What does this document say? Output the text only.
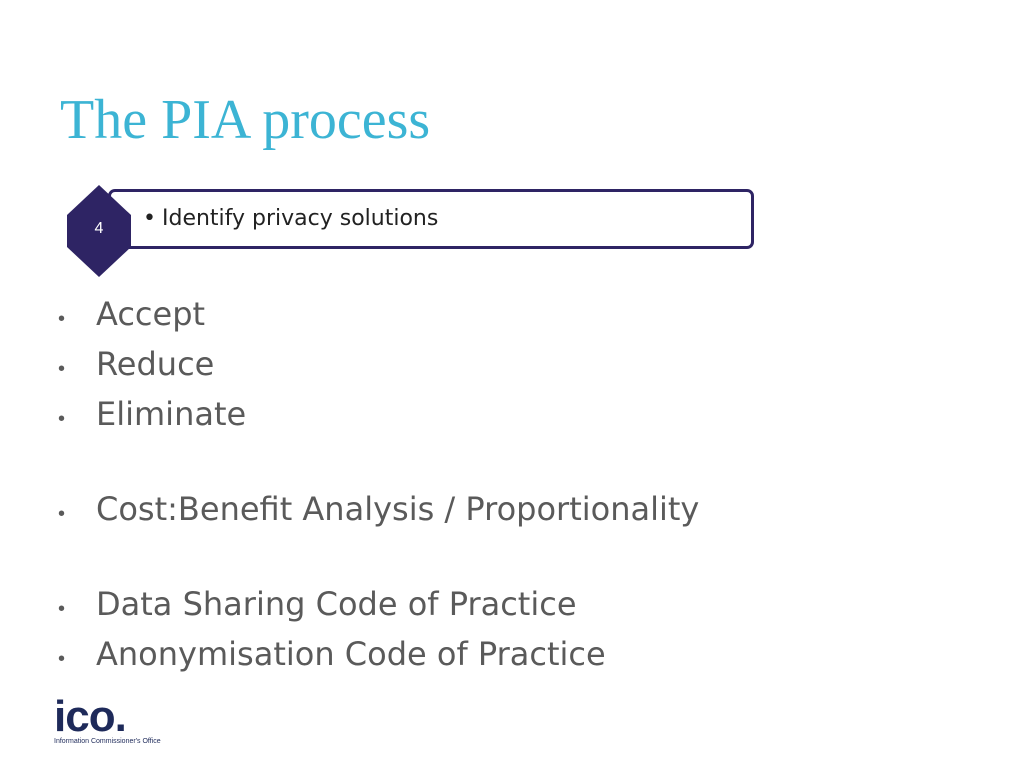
The PIA process
• Identify privacy solutions
4
• Accept
• Reduce
• Eliminate
• Cost:Benefit Analysis / Proportionality
• Data Sharing Code of Practice
• Anonymisation Code of Practice
ico.
Information Commissioner's Office
